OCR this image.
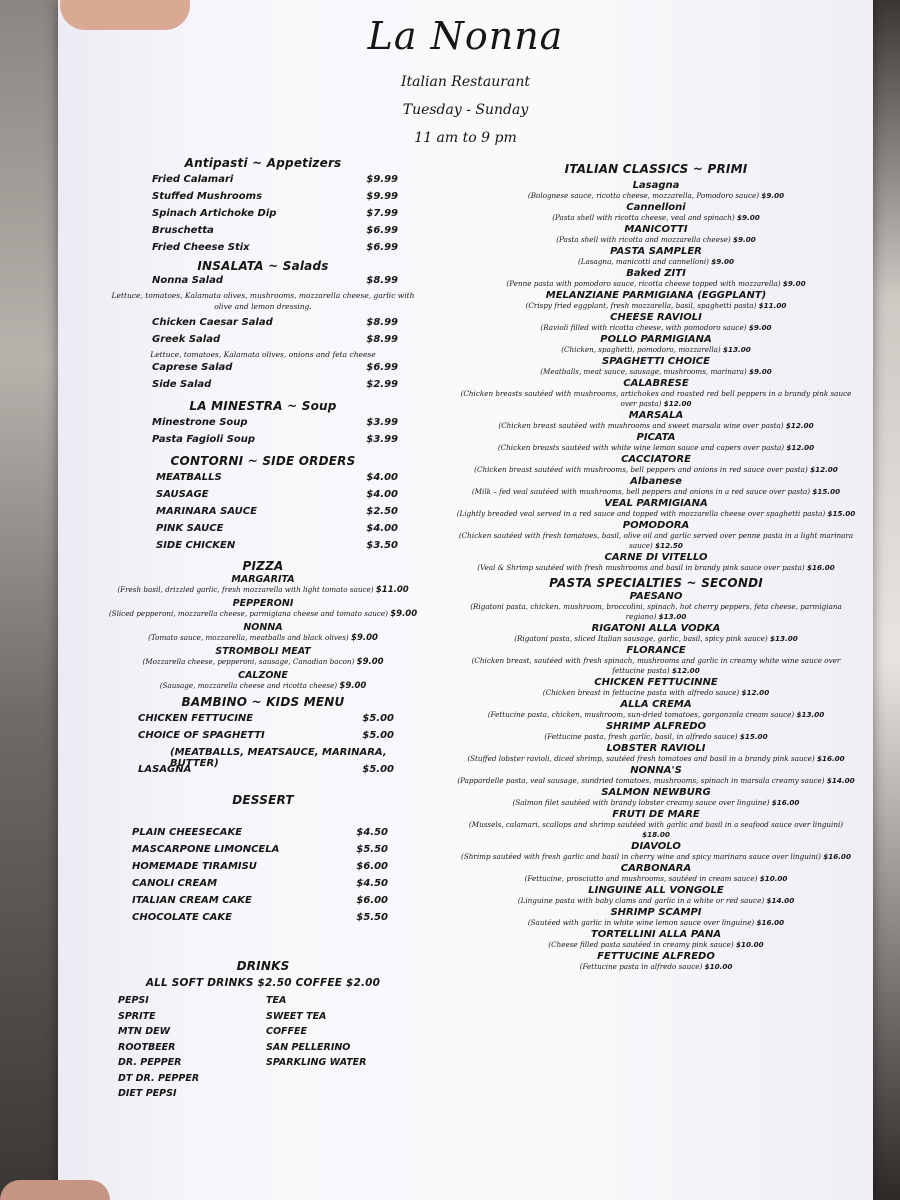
La Nonna
Italian Restaurant
Tuesday - Sunday
11 am to 9 pm
Antipasti ~ Appetizers
Fried Calamari	$9.99
Stuffed Mushrooms	$9.99
Spinach Artichoke Dip	$7.99
Bruschetta	$6.99
Fried Cheese Stix	$6.99
INSALATA ~ Salads
Nonna Salad	$8.99
Lettuce, tomatoes, Kalamata olives, mushrooms, mozzarella cheese, garlic with olive and lemon dressing.
Chicken Caesar Salad	$8.99
Greek Salad	$8.99
Lettuce, tomatoes, Kalamata olives, onions and feta cheese
Caprese Salad	$6.99
Side Salad	$2.99
LA MINESTRA ~ Soup
Minestrone Soup	$3.99
Pasta Fagioli Soup	$3.99
CONTORNI ~ SIDE ORDERS
MEATBALLS	$4.00
SAUSAGE	$4.00
MARINARA SAUCE	$2.50
PINK SAUCE	$4.00
SIDE CHICKEN	$3.50
PIZZA
MARGARITA
(Fresh basil, drizzled garlic, fresh mozzarella with light tomato sauce) $11.00
PEPPERONI
(Sliced pepperoni, mozzarella cheese, parmigiana cheese and tomato sauce) $9.00
NONNA
(Tomato sauce, mozzarella, meatballs and black olives) $9.00
STROMBOLI MEAT
(Mozzarella cheese, pepperoni, sausage, Canadian bacon) $9.00
CALZONE
(Sausage, mozzarella cheese and ricotta cheese) $9.00
BAMBINO ~ KIDS MENU
CHICKEN FETTUCINE	$5.00
CHOICE OF SPAGHETTI	$5.00
(MEATBALLS, MEATSAUCE, MARINARA, BUTTER)
LASAGNA	$5.00
DESSERT
PLAIN CHEESECAKE	$4.50
MASCARPONE LIMONCELA	$5.50
HOMEMADE TIRAMISU	$6.00
CANOLI CREAM	$4.50
ITALIAN CREAM CAKE	$6.00
CHOCOLATE CAKE	$5.50
DRINKS
ALL SOFT DRINKS $2.50 COFFEE $2.00
PEPSI
SPRITE
MTN DEW
ROOTBEER
DR. PEPPER
DT DR. PEPPER
DIET PEPSI
TEA
SWEET TEA
COFFEE
SAN PELLERINO
SPARKLING WATER
ITALIAN CLASSICS ~ PRIMI
Lasagna
(Bolognese sauce, ricotta cheese, mozzarella, Pomodoro sauce) $9.00
Cannelloni
(Pasta shell with ricotta cheese, veal and spinach) $9.00
MANICOTTI
(Pasta shell with ricotta and mozzarella cheese) $9.00
PASTA SAMPLER
(Lasagna, manicotti and cannelloni) $9.00
Baked ZITI
(Penne pasta with pomodoro sauce, ricotta cheese topped with mozzarella) $9.00
MELANZIANE PARMIGIANA (EGGPLANT)
(Crispy fried eggplant, fresh mozzarella, basil, spaghetti pasta) $11.00
CHEESE RAVIOLI
(Ravioli filled with ricotta cheese, with pomodoro sauce) $9.00
POLLO PARMIGIANA
(Chicken, spaghetti, pomodoro, mozzarella) $13.00
SPAGHETTI CHOICE
(Meatballs, meat sauce, sausage, mushrooms, marinara) $9.00
CALABRESE
(Chicken breasts sautéed with mushrooms, artichokes and roasted red bell peppers in a brandy pink sauce over pasta) $12.00
MARSALA
(Chicken breast sautéed with mushrooms and sweet marsala wine over pasta) $12.00
PICATA
(Chicken breasts sautéed with white wine lemon sauce and capers over pasta) $12.00
CACCIATORE
(Chicken breast sautéed with mushrooms, bell peppers and onions in red sauce over pasta) $12.00
Albanese
(Milk – fed veal sautéed with mushrooms, bell peppers and onions in a red sauce over pasta) $15.00
VEAL PARMIGIANA
(Lightly breaded veal served in a red sauce and topped with mozzarella cheese over spaghetti pasta) $15.00
POMODORA
(Chicken sautéed with fresh tomatoes, basil, olive oil and garlic served over penne pasta in a light marinara sauce) $12.50
CARNE DI VITELLO
(Veal & Shrimp sautéed with fresh mushrooms and basil in brandy pink sauce over pasta) $16.00
PASTA SPECIALTIES ~ SECONDI
PAESANO
(Rigatoni pasta, chicken, mushroom, broccolini, spinach, hot cherry peppers, feta cheese, parmigiana regiano) $13.00
RIGATONI ALLA VODKA
(Rigatoni pasta, sliced Italian sausage, garlic, basil, spicy pink sauce) $13.00
FLORANCE
(Chicken breast, sautéed with fresh spinach, mushrooms and garlic in creamy white wine sauce over fettucine pasta) $12.00
CHICKEN FETTUCINNE
(Chicken breast in fettucine pasta with alfredo sauce) $12.00
ALLA CREMA
(Fettucine pasta, chicken, mushroom, sun-dried tomatoes, gorgonzola cream sauce) $13.00
SHRIMP ALFREDO
(Fettucine pasta, fresh garlic, basil, in alfredo sauce) $15.00
LOBSTER RAVIOLI
(Stuffed lobster ravioli, diced shrimp, sautéed fresh tomatoes and basil in a brandy pink sauce) $16.00
NONNA'S
(Pappardelle pasta, veal sausage, sundried tomatoes, mushrooms, spinach in marsala creamy sauce) $14.00
SALMON NEWBURG
(Salmon filet sautéed with brandy lobster creamy sauce over linguine) $16.00
FRUTI DE MARE
(Mussels, calamari, scallops and shrimp sautéed with garlic and basil in a seafood sauce over linguini) $18.00
DIAVOLO
(Shrimp sautéed with fresh garlic and basil in cherry wine and spicy marinara sauce over linguini) $16.00
CARBONARA
(Fettucine, prosciutto and mushrooms, sautéed in cream sauce) $10.00
LINGUINE ALL VONGOLE
(Linguine pasta with baby clams and garlic in a white or red sauce) $14.00
SHRIMP SCAMPI
(Sautéed with garlic in white wine lemon sauce over linguine) $16.00
TORTELLINI ALLA PANA
(Cheese filled pasta sautéed in creamy pink sauce) $10.00
FETTUCINE ALFREDO
(Fettucine pasta in alfredo sauce) $10.00
